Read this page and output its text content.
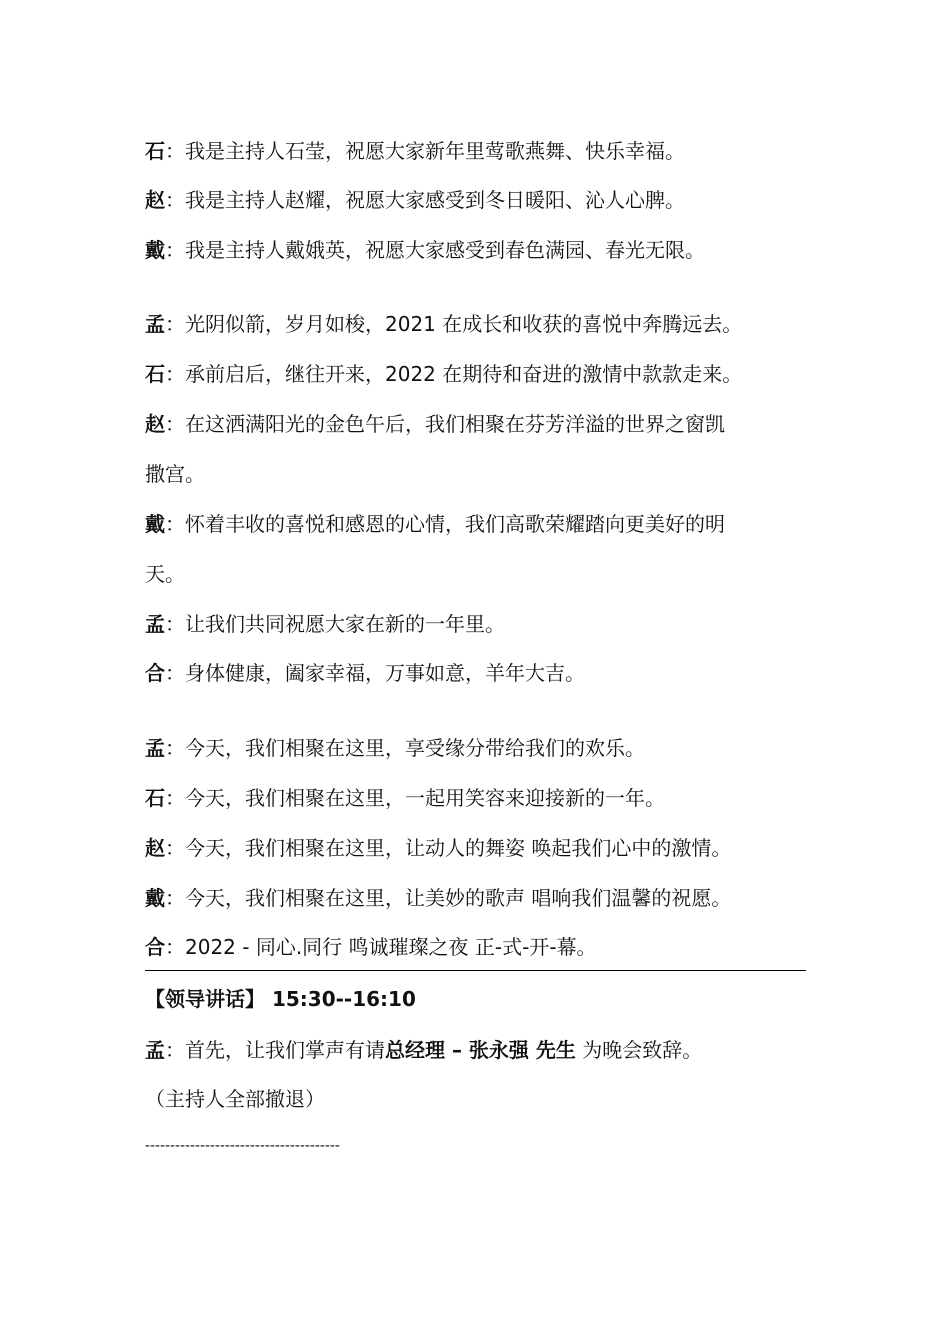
石：我是主持人石莹，祝愿大家新年里莺歌燕舞、快乐幸福。
赵：我是主持人赵耀，祝愿大家感受到冬日暖阳、沁人心脾。
戴：我是主持人戴娥英，祝愿大家感受到春色满园、春光无限。
孟：光阴似箭，岁月如梭，2021 在成长和收获的喜悦中奔腾远去。
石：承前启后，继往开来，2022 在期待和奋进的激情中款款走来。
赵：在这洒满阳光的金色午后，我们相聚在芬芳洋溢的世界之窗凯
撒宫。
戴：怀着丰收的喜悦和感恩的心情，我们高歌荣耀踏向更美好的明
天。
孟：让我们共同祝愿大家在新的一年里。
合：身体健康，阖家幸福，万事如意，羊年大吉。
孟：今天，我们相聚在这里，享受缘分带给我们的欢乐。
石：今天，我们相聚在这里，一起用笑容来迎接新的一年。
赵：今天，我们相聚在这里，让动人的舞姿 唤起我们心中的激情。
戴：今天，我们相聚在这里，让美妙的歌声 唱响我们温馨的祝愿。
合：2022 - 同心.同行 鸣诚璀璨之夜 正-式-开-幕。
【领导讲话】 15:30--16:10
孟：首先，让我们掌声有请总经理 – 张永强 先生 为晚会致辞。
（主持人全部撤退）
---------------------------------------
